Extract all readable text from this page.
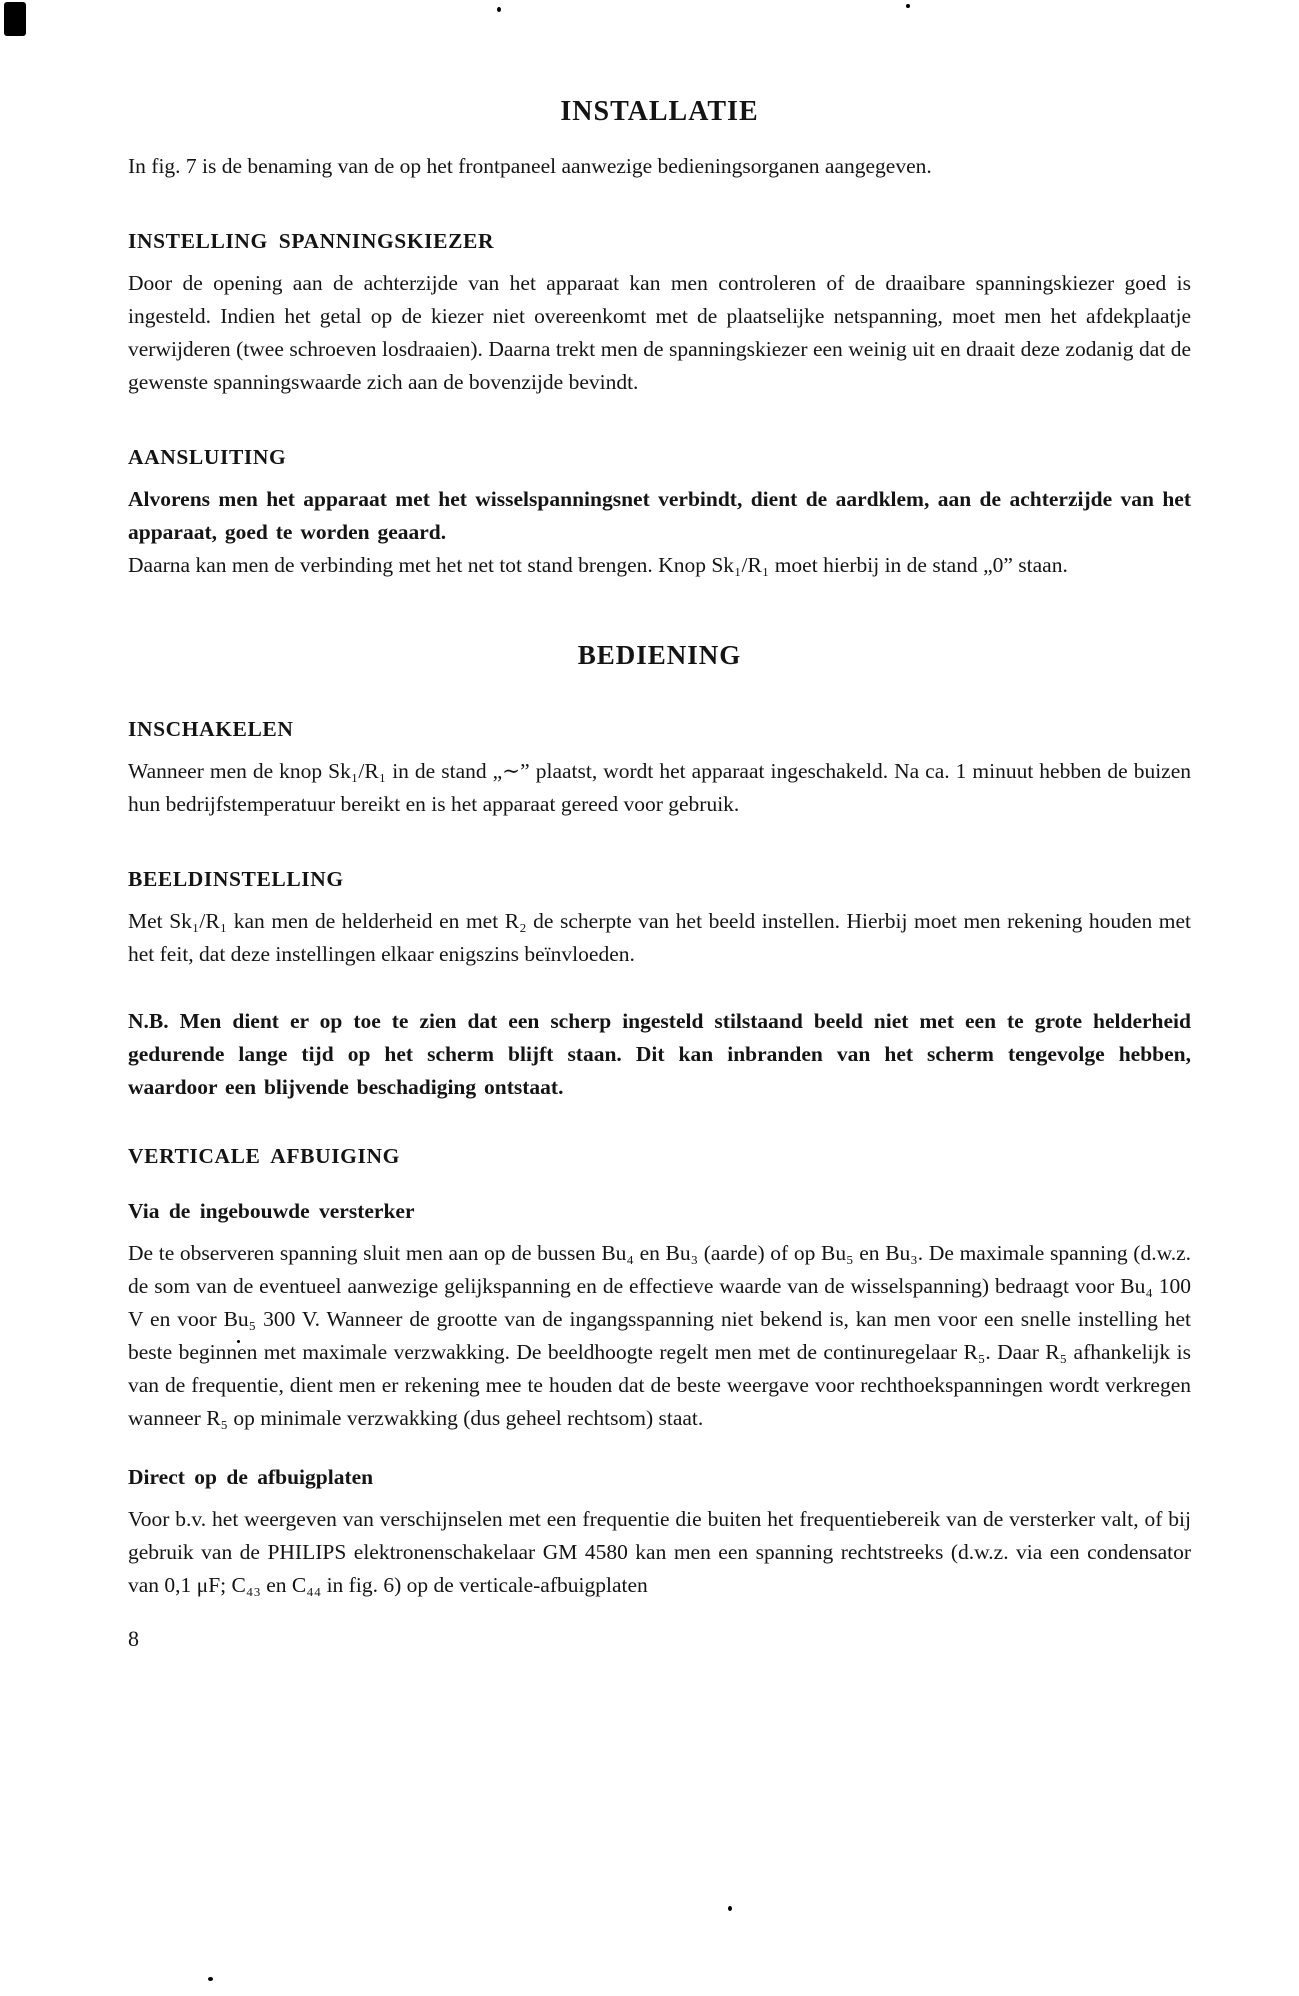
INSTALLATIE

In fig. 7 is de benaming van de op het frontpaneel aanwezige bedieningsorganen aangegeven.

INSTELLING SPANNINGSKIEZER

Door de opening aan de achterzijde van het apparaat kan men controleren of de draaibare spanningskiezer goed is ingesteld. Indien het getal op de kiezer niet overeenkomt met de plaatselijke netspanning, moet men het afdekplaatje verwijderen (twee schroeven losdraaien). Daarna trekt men de spanningskiezer een weinig uit en draait deze zodanig dat de gewenste spanningswaarde zich aan de bovenzijde bevindt.

AANSLUITING

Alvorens men het apparaat met het wisselspanningsnet verbindt, dient de aardklem, aan de achterzijde van het apparaat, goed te worden geaard.

Daarna kan men de verbinding met het net tot stand brengen. Knop Sk₁/R₁ moet hierbij in de stand „0” staan.

BEDIENING
INSCHAKELEN

Wanneer men de knop Sk₁/R₁ in de stand „∼” plaatst, wordt het apparaat ingeschakeld. Na ca. 1 minuut hebben de buizen hun bedrijfstemperatuur bereikt en is het apparaat gereed voor gebruik.

BEELDINSTELLING

Met Sk₁/R₁ kan men de helderheid en met R₂ de scherpte van het beeld instellen. Hierbij moet men rekening houden met het feit, dat deze instellingen elkaar enigszins beïnvloeden.

N.B. Men dient er op toe te zien dat een scherp ingesteld stilstaand beeld niet met een te grote helderheid gedurende lange tijd op het scherm blijft staan. Dit kan inbranden van het scherm tengevolge hebben, waardoor een blijvende beschadiging ontstaat.

VERTICALE AFBUIGING
Via de ingebouwde versterker

De te observeren spanning sluit men aan op de bussen Bu₄ en Bu₃ (aarde) of op Bu₅ en Bu₃. De maximale spanning (d.w.z. de som van de eventueel aanwezige gelijkspanning en de effectieve waarde van de wisselspanning) bedraagt voor Bu₄ 100 V en voor Bu₅ 300 V. Wanneer de grootte van de ingangsspanning niet bekend is, kan men voor een snelle instelling het beste beginnen met maximale verzwakking. De beeldhoogte regelt men met de continuregelaar R₅. Daar R₅ afhankelijk is van de frequentie, dient men er rekening mee te houden dat de beste weergave voor rechthoekspanningen wordt verkregen wanneer R₅ op minimale verzwakking (dus geheel rechtsom) staat.

Direct op de afbuigplaten

Voor b.v. het weergeven van verschijnselen met een frequentie die buiten het frequentiebereik van de versterker valt, of bij gebruik van de PHILIPS elektronenschakelaar GM 4580 kan men een spanning rechtstreeks (d.w.z. via een condensator van 0,1 μF; C₄₃ en C₄₄ in fig. 6) op de verticale-afbuigplaten

8
